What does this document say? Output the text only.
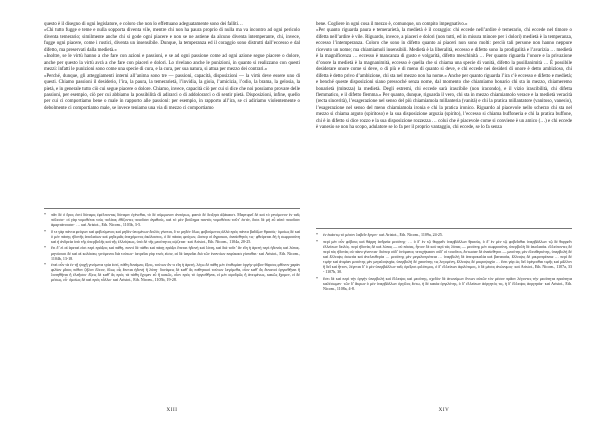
questo è il disegno di ogni legislatore, e coloro che non lo effettuano adeguatamente sono dei falliti…

«Chi tutto fugge e teme e nulla sopporta diventa vile, mentre chi non ha paura proprio di nulla ma va incontro ad ogni pericolo diventa temerario; similmente anche chi si gode ogni piacere e non se ne astiene da alcuno diventa intemperante, chi, invece, fugge ogni piacere, come i rustici, diventa un insensibile. Dunque, la temperanza ed il coraggio sono distrutti dall’eccesso e dal difetto, ma preservati dalla medietà.»

«Inoltre, se le virtù hanno a che fare con azioni e passioni, e se ad ogni passione come ad ogni azione segue piacere o dolore, anche per questo la virtù avrà a che fare con piaceri e dolori. Lo rivelano anche le punizioni, in quanto si realizzano con questi mezzi: infatti le punizioni sono come una specie di cura, e la cura, per sua natura, si attua per mezzo dei contrari.»

«Perché, dunque, gli atteggiamenti interni all’anima sono tre — passioni, capacità, disposizioni — la virtù deve essere uno di questi. Chiamo passioni il desiderio, l’ira, la paura, la temerarietà, l’invidia, la gioia, l’amicizia, l’odio, la brama, la gelosia, la pietà, e in generale tutto ciò cui segue piacere o dolore. Chiamo, invece, capacità ciò per cui si dice che noi possiamo provare delle passioni, per esempio, ciò per cui abbiamo la possibilità di adirarci o di addolorarci o di sentir pietà. Disposizioni, infine, quello per cui ci comportiamo bene o male in rapporto alle passioni: per esempio, in rapporto all’ira, se ci adiriamo violentemente o debolmente ci comportiamo male, se invece teniamo una via di mezzo ci comportiamo

*	πᾶν δὲ ὁ ὅρος ἐστὶ δύναμις ἐφέλπονταϛ δύναμιν ἐγένεθαι, τὸ δὲ σύμφωνον ἀνπόρως, φαινὸ δὲ δειξησι ἀξάκαιστ. Μαρτυρεῖ δὲ καὶ τὸ γενόμενον ἐν ταῖς πόλεσιν· οἱ γὰρ νομοθέται τοὺς πολίτας ἐθίζοντες ποιοῦσιν ἀγαθούς, καὶ τὸ μὲν βούλημα παντὸς νομοθέτου τοῦτ’ ἐστίν, ὅσοι δὲ μὴ εὖ αὐτὸ ποιοῦσιν ἁμαρτάνουσιν· … καὶ Aristot., Eth. Nicom., 1103b, 3-5.
*	ὅ τε γὰρ πάντα φεύγων καὶ φοβούμενος καὶ μηδὲν ὑπομένων δειλὸς γίνεται, ὅ τε μηδὲν ὅλως φοβούμενος ἀλλὰ πρὸς πάντα βαδίζων θρασύς· ὁμοίως δὲ καὶ ὁ μὲν πάσης ἡδονῆς ἀπολαύων καὶ μηδεμιᾶς ἀπεχόμενος ἀκόλαστος, ὁ δὲ πάσας φεύγων, ὥσπερ οἱ ἄγροικοι, ἀναίσθητός τις· φθείρεται δὴ ἡ σωφροσύνη καὶ ἡ ἀνδρεία ὑπὸ τῆς ὑπερβολῆς καὶ τῆς ἐλλείψεως, ὑπὸ δὲ τῆς μεσότητος σῴζεται· καὶ Aristot., Eth. Nicom., 1104a, 20-25.
*	ἔτι δ’ εἰ αἱ ἀρεταί εἰσι περὶ πράξεις καὶ πάθη, παντὶ δὲ πάθει καὶ πάσῃ πράξει ἕπεται ἡδονὴ καὶ λύπη, καὶ διὰ τοῦτ’ ἂν εἴη ἡ ἀρετὴ περὶ ἡδονὰς καὶ λύπας. μηνύουσι δὲ καὶ αἱ κολάσεις γινόμεναι διὰ τούτων· ἰατρεῖαι γάρ τινές εἰσιν, αἱ δὲ ἰατρεῖαι διὰ τῶν ἐναντίων πεφύκασι γίνεσθαι· καὶ Aristot., Eth. Nicom., 1104b, 13-18.
*	ἐπεὶ οὖν τὰ ἐν τῇ ψυχῇ γινόμενα τρία ἐστί, πάθη δυνάμεις ἕξεις, τούτων ἄν τι εἴη ἡ ἀρετή. λέγω δὲ πάθη μὲν ἐπιθυμίαν ὀργὴν φόβον θάρσος φθόνον χαρὰν φιλίαν μῖσος πόθον ζῆλον ἔλεον, ὅλως οἷς ἕπεται ἡδονὴ ἢ λύπη· δυνάμεις δὲ καθ’ ἃς παθητικοὶ τούτων λεγόμεθα, οἷον καθ’ ἃς δυνατοὶ ὀργισθῆναι ἢ λυπηθῆναι ἢ ἐλεῆσαι· ἕξεις δὲ καθ’ ἃς πρὸς τὰ πάθη ἔχομεν εὖ ἢ κακῶς, οἷον πρὸς τὸ ὀργισθῆναι, εἰ μὲν σφοδρῶς ἢ ἀνειμένως, κακῶς ἔχομεν, εἰ δὲ μέσως, εὖ· ὁμοίως δὲ καὶ πρὸς τἆλλα· καὶ Aristot., Eth. Nicom., 1105b, 19-28.
XIII

bene. Cogliere in ogni cosa il mezzo è, comunque, un compito impegnativo.»

«Per quanto riguarda paura e temerarietà, la medietà è il coraggio: chi eccede nell’ardire è temerario, chi eccede nel timore o difetta nell’ardire è vile. Riguardo, invece, a piaceri e dolori (non tutti, ed in misura minore per i dolori) medietà è la temperanza, eccesso l’intemperanza. Coloro che sono in difetto quanto ai piaceri non sono molti: perciò tali persone non hanno neppure ricevuto un nome; ma chiamiamoli insensibili. Medietà è la liberalità, eccesso e difetto sono la prodigalità e l’avarizia … medietà è la magnificenza … eccesso è mancanza di gusto e volgarità, difetto meschinità … Per quanto riguarda l’onore e la privazione d’onore la medietà è la magnanimità, eccesso è quella che si chiama una specie di vanità, difetto la pusillanimità … È possibile desiderare onore come si deve, o di più e di meno di quanto si deve, e chi eccede nei desideri di onore è detto ambizioso, chi difetta è detto privo d’ambizione, chi sta nel mezzo non ha nome.» Anche per quanto riguarda l’ira c’è eccesso e difetto e medietà; e benché queste disposizioni siano pressoché senza nome, dal momento che chiamiamo bonario chi sta in mezzo, chiameremo bonarietà (mitezza) la medietà. Degli estremi, chi eccede sarà irascibile (non iracondo), e il vizio irascibilità, chi difetta flemmatico, e il difetto flemma.» Per quanto, dunque, riguarda il vero, chi sta in mezzo chiamiamolo verace e la medietà veracità (recta sincerità), l’esagerazione nel senso del più chiamiamola millanteria (vanità) e chi la pratica millantatore (vanitoso, vanesio), l’esagerazione nel senso del meno chiamiamola ironia e chi la pratica ironico. Riguardo al piacevole nello scherzo chi sta nel mezzo si chiama arguto (spiritoso) e la sua disposizione arguzia (spirito), l’eccesso si chiama buffoneria e chi la pratica buffone, chi è in difetto si dice rozzo e la sua disposizione rozzezza … colui che è piacevole come si conviene è un amico (…) e chi eccede è vanesio se non ha scopo, adulatore se lo fa per il proprio vantaggio, chi eccede, se lo fa senza

*	ἐν ἑκάστῳ τὸ μέσον λαβεῖν ἔργον· καὶ Aristot., Eth. Nicom., 1109a, 24-25.
*	περὶ μὲν οὖν φόβους καὶ θάρρη ἀνδρεία μεσότης· … ὁ δ’ ἐν τῷ θαρρεῖν ὑπερβάλλων θρασύς, ὁ δ’ ἐν μὲν τῷ φοβεῖσθαι ὑπερβάλλων τῷ δὲ θαρρεῖν ἐλλείπων δειλός. περὶ ἡδονὰς δὲ καὶ λύπας — οὐ πάσας, ἧττον δὲ καὶ περὶ τὰς λύπας — μεσότης μὲν σωφροσύνη, ὑπερβολὴ δὲ ἀκολασία. ἐλλείποντες δὲ περὶ τὰς ἡδονὰς οὐ πάνυ γίνονται· διόπερ οὐδ’ ὀνόματος τετυχήκασιν οὐδ’ οἱ τοιοῦτοι, ἔστωσαν δὲ ἀναίσθητοι — μεσότης μὲν ἐλευθεριότης, ὑπερβολὴ δὲ καὶ ἔλλειψις ἀσωτία καὶ ἀνελευθερία … μεσότης μὲν μεγαλοπρέπεια … ὑπερβολὴ δὲ ἀπειροκαλία καὶ βαναυσία, ἔλλειψις δὲ μικροπρέπεια … περὶ δὲ τιμὴν καὶ ἀτιμίαν μεσότης μὲν μεγαλοψυχία, ὑπερβολὴ δὲ χαυνότης τις λεγομένη, ἔλλειψις δὲ μικροψυχία … ἔστι γὰρ ὡς δεῖ ὀρέγεσθαι τιμῆς καὶ μᾶλλον ἢ δεῖ καὶ ἧττον, λέγεται δ’ ὁ μὲν ὑπερβάλλων ταῖς ὀρέξεσι φιλότιμος, ὁ δ’ ἐλλείπων ἀφιλότιμος, ὁ δὲ μέσος ἀνώνυμος· καὶ Aristot., Eth. Nicom., 1107a, 33 - 1107b, 30.
*	ἔστι δὲ καὶ περὶ τὴν ὀργὴν ὑπερβολὴ καὶ ἔλλειψις καὶ μεσότης, σχεδὸν δὲ ἀνωνύμων ὄντων αὐτῶν τὸν μέσον πρᾶον λέγοντες τὴν μεσότητα πραότητα καλέσωμεν· τῶν δ’ ἄκρων ὁ μὲν ὑπερβάλλων ὀργίλος ἔστω, ἡ δὲ κακία ὀργιλότης, ὁ δ’ ἐλλείπων ἀόργητός τις, ἡ δ’ ἔλλειψις ἀοργησία· καὶ Aristot., Eth. Nicom., 1108a, 4-8.
XIV
